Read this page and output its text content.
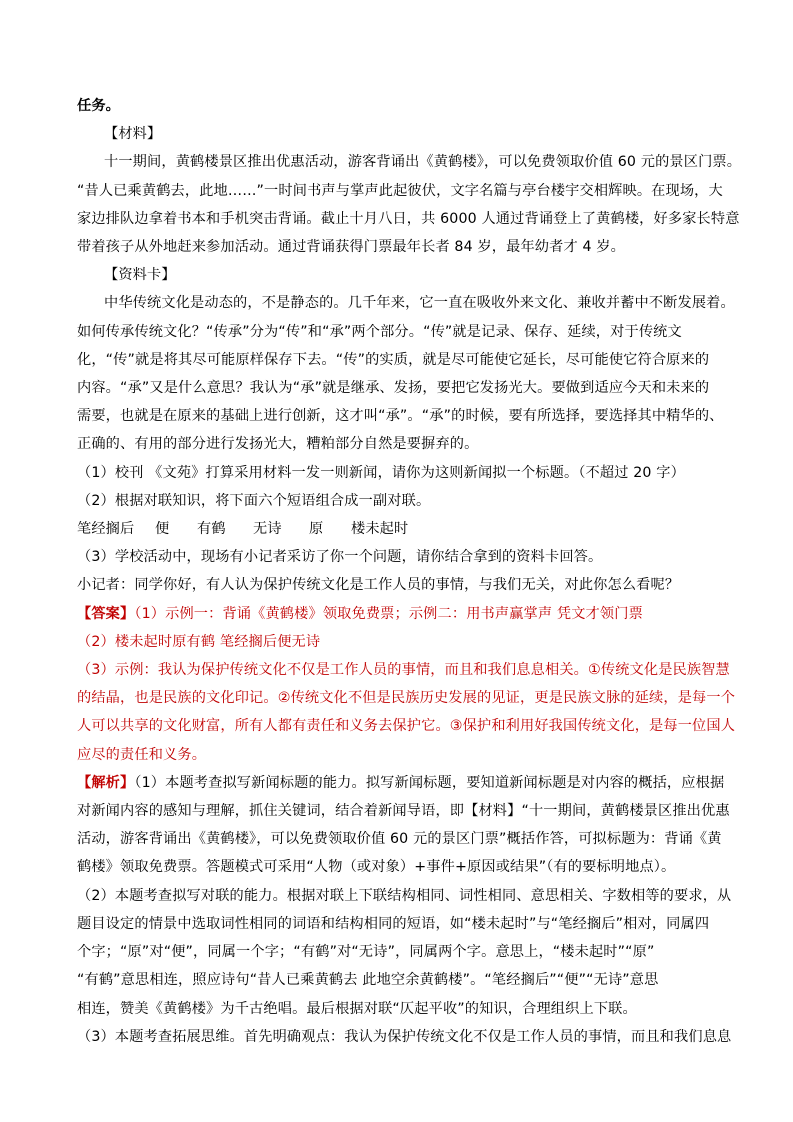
任务。
【材料】
十一期间，黄鹤楼景区推出优惠活动，游客背诵出《黄鹤楼》，可以免费领取价值 60 元的景区门票。
“昔人已乘黄鹤去，此地……”一时间书声与掌声此起彼伏，文字名篇与亭台楼宇交相辉映。在现场，大
家边排队边拿着书本和手机突击背诵。截止十月八日，共 6000 人通过背诵登上了黄鹤楼，好多家长特意
带着孩子从外地赶来参加活动。通过背诵获得门票最年长者 84 岁，最年幼者才 4 岁。
【资料卡】
中华传统文化是动态的，不是静态的。几千年来，它一直在吸收外来文化、兼收并蓄中不断发展着。
如何传承传统文化？“传承”分为“传”和“承”两个部分。“传”就是记录、保存、延续，对于传统文
化，“传”就是将其尽可能原样保存下去。“传”的实质，就是尽可能使它延长，尽可能使它符合原来的
内容。“承”又是什么意思？我认为“承”就是继承、发扬，要把它发扬光大。要做到适应今天和未来的
需要，也就是在原来的基础上进行创新，这才叫“承”。“承”的时候，要有所选择，要选择其中精华的、
正确的、有用的部分进行发扬光大，糟粕部分自然是要摒弃的。
（1）校刊 《文苑》打算采用材料一发一则新闻，请你为这则新闻拟一个标题。（不超过 20 字）
（2）根据对联知识，将下面六个短语组合成一副对联。
笔经搁后	便	有鹤	无诗	原	楼未起时
（3）学校活动中，现场有小记者采访了你一个问题，请你结合拿到的资料卡回答。
小记者：同学你好，有人认为保护传统文化是工作人员的事情，与我们无关，对此你怎么看呢？
【答案】（1）示例一：背诵《黄鹤楼》领取免费票；示例二：用书声赢掌声 凭文才领门票
（2）楼未起时原有鹤 笔经搁后便无诗
（3）示例：我认为保护传统文化不仅是工作人员的事情，而且和我们息息相关。①传统文化是民族智慧
的结晶，也是民族的文化印记。②传统文化不但是民族历史发展的见证，更是民族文脉的延续，是每一个
人可以共享的文化财富，所有人都有责任和义务去保护它。③保护和利用好我国传统文化，是每一位国人
应尽的责任和义务。
【解析】（1）本题考查拟写新闻标题的能力。拟写新闻标题，要知道新闻标题是对内容的概括，应根据
对新闻内容的感知与理解，抓住关键词，结合着新闻导语，即【材料】“十一期间，黄鹤楼景区推出优惠
活动，游客背诵出《黄鹤楼》，可以免费领取价值 60 元的景区门票”概括作答，可拟标题为：背诵《黄
鹤楼》领取免费票。答题模式可采用“人物（或对象）+事件+原因或结果”（有的要标明地点）。
（2）本题考查拟写对联的能力。根据对联上下联结构相同、词性相同、意思相关、字数相等的要求，从
题目设定的情景中选取词性相同的词语和结构相同的短语，如“楼未起时”与“笔经搁后”相对，同属四
个字；“原”对“便”，同属一个字；“有鹤”对“无诗”，同属两个字。意思上，“楼未起时”“原”
“有鹤”意思相连，照应诗句“昔人已乘黄鹤去 此地空余黄鹤楼”。“笔经搁后”“便”“无诗”意思
相连，赞美《黄鹤楼》为千古绝唱。最后根据对联“仄起平收”的知识，合理组织上下联。
（3）本题考查拓展思维。首先明确观点：我认为保护传统文化不仅是工作人员的事情，而且和我们息息
